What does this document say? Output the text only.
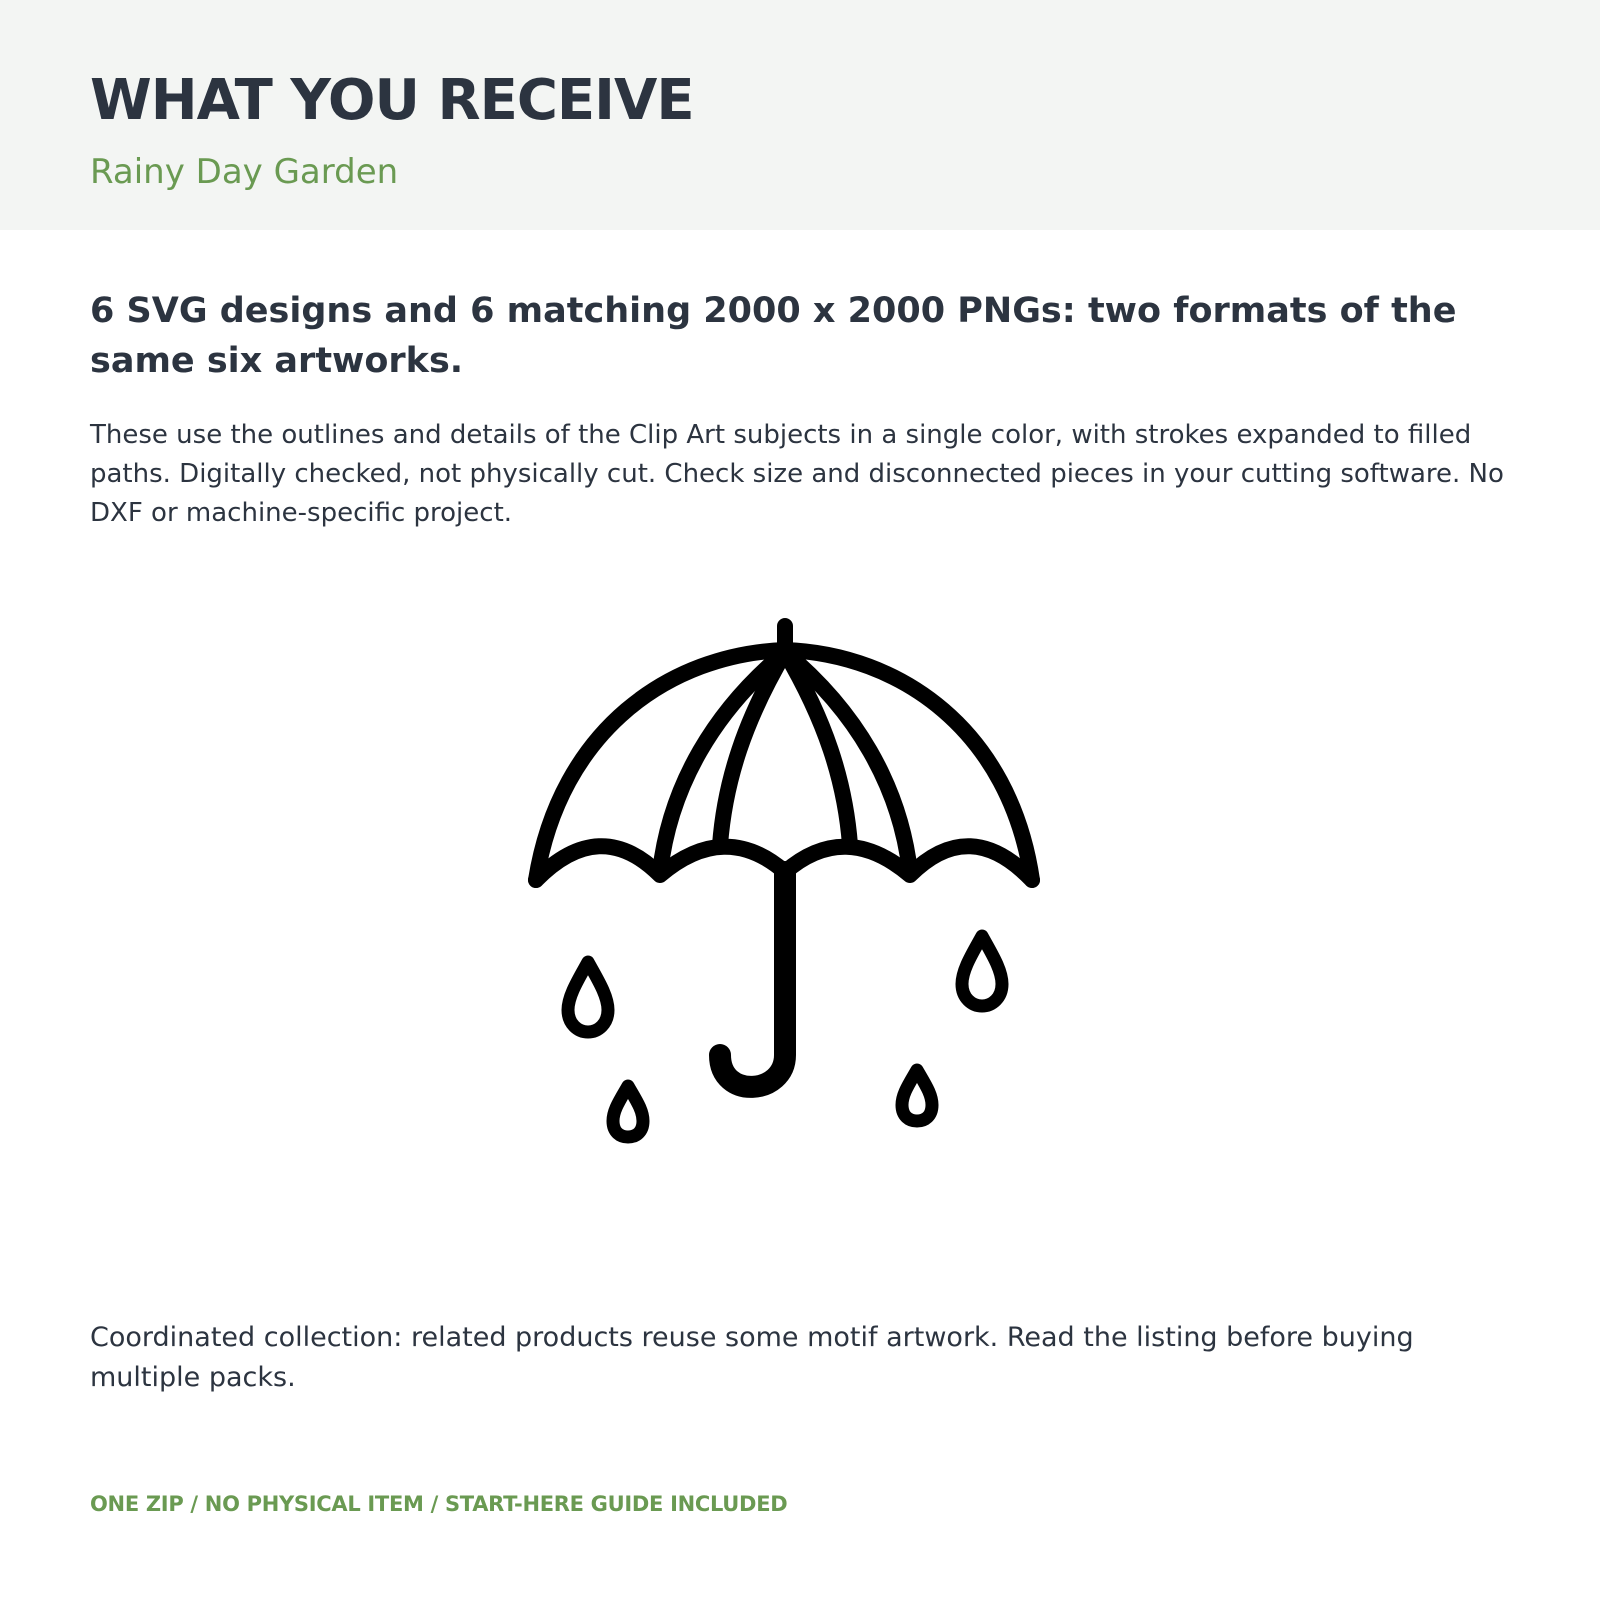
WHAT YOU RECEIVE
Rainy Day Garden
6 SVG designs and 6 matching 2000 x 2000 PNGs: two formats of the same six artworks.

These use the outlines and details of the Clip Art subjects in a single color, with strokes expanded to filled paths. Digitally checked, not physically cut. Check size and disconnected pieces in your cutting software. No DXF or machine-specific project.

Coordinated collection: related products reuse some motif artwork. Read the listing before buying multiple packs.

ONE ZIP / NO PHYSICAL ITEM / START-HERE GUIDE INCLUDED
